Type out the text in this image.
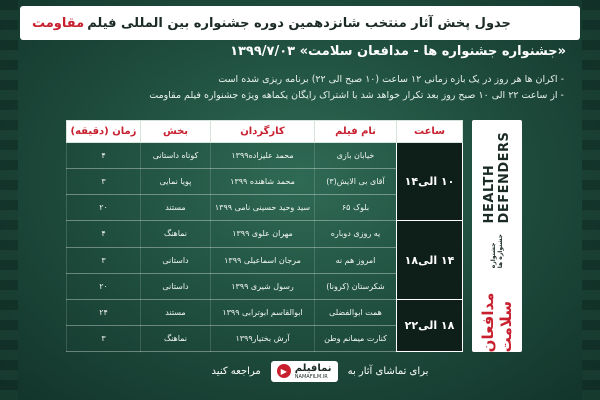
جدول پخش آثار منتخب شانزدهمین دوره جشنواره بین المللی فیلم
مقاومت
«جشنواره جشنواره ها - مدافعان سلامت» ۱۳۹۹/۷/۰۳
- اکران ها هر روز در یک بازه زمانی ۱۲ ساعت (۱۰ صبح الی ۲۲) برنامه ریزی شده است
- از ساعت ۲۲ الی ۱۰ صبح روز بعد تکرار خواهد شد با اشتراک رایگان یکماهه ویژه جشنواره فیلم مقاومت
ساعت	نام فیلم	کارگردان	بخش	زمان (دقیقه)
۱۰ الی۱۴	خیابان بازی	محمد علیزاده۱۳۹۹	کوتاه داستانی	۴
	آقای بی الایش(۳)	محمد شاهنده ۱۳۹۹	پویا نمایی	۳
	بلوک ۶۵	سید وحید حسینی نامی ۱۳۹۹	مستند	۲۰
۱۴ الی۱۸	یه روزی دوباره	مهران علوی ۱۳۹۹	نماهنگ	۴
	امروز هم نه	مرجان اسماعیلی ۱۳۹۹	داستانی	۳
	شکرستان (کرونا)	رسول شیری ۱۳۹۹	داستانی	۲۰
۱۸ الی۲۲	همت ابوالفضلی	ابوالقاسم ابوترابی ۱۳۹۹	مستند	۲۴
	کنارت میمانم وطن	آرش بختیار۱۳۹۹	نماهنگ	۳
HEALTH DEFENDERS
جشنواره جشنواره ها
مدافعان سلامت
برای تماشای آثار به
▶ نمافیلم
NAMAFILM.IR
مراجعه کنید
